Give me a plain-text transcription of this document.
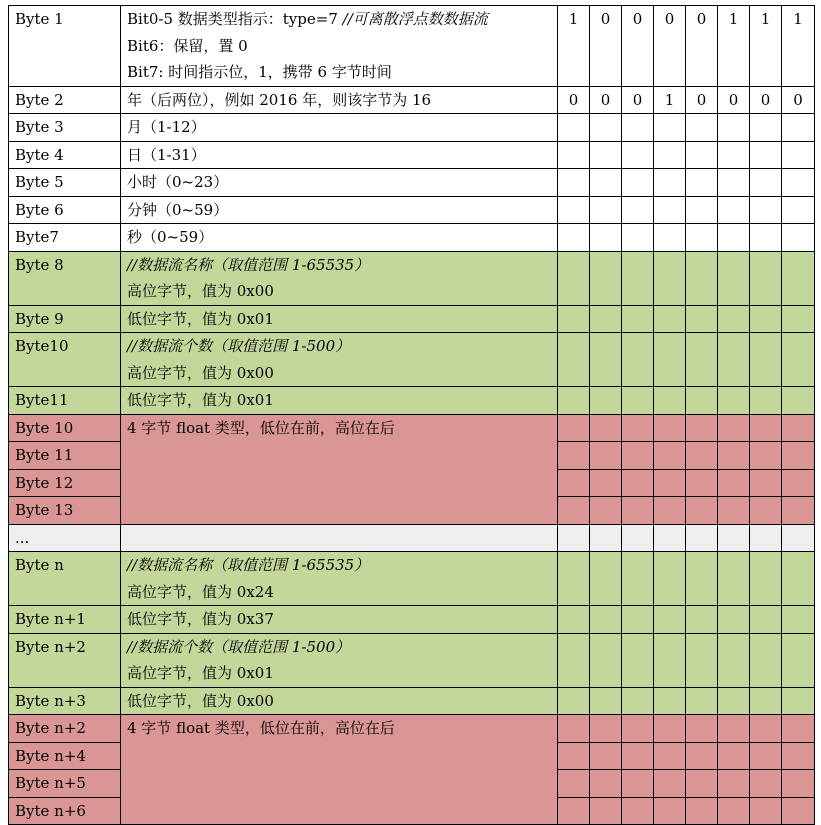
Byte 1	Bit0-5 数据类型指示：type=7 //可离散浮点数数据流
Bit6：保留，置 0
Bit7: 时间指示位，1，携带 6 字节时间	1	0	0	0	0	1	1	1
Byte 2	年（后两位），例如 2016 年，则该字节为 16	0	0	0	1	0	0	0	0
Byte 3	月（1-12）								
Byte 4	日（1-31）								
Byte 5	小时（0~23）								
Byte 6	分钟（0~59）								
Byte7	秒（0~59）								
Byte 8	//数据流名称（取值范围 1-65535）
高位字节，值为 0x00								

Byte 9	低位字节，值为 0x01								
Byte10	//数据流个数（取值范围 1-500）
高位字节，值为 0x00								

Byte11	低位字节，值为 0x01								
Byte 10	4 字节 float 类型，低位在前，高位在后								
Byte 11									
Byte 12									
Byte 13									
...									
Byte n	//数据流名称（取值范围 1-65535）
高位字节，值为 0x24								

Byte n+1	低位字节，值为 0x37								
Byte n+2	//数据流个数（取值范围 1-500）
高位字节，值为 0x01								

Byte n+3	低位字节，值为 0x00								
Byte n+2	4 字节 float 类型，低位在前，高位在后								
Byte n+4									
Byte n+5									
Byte n+6									
